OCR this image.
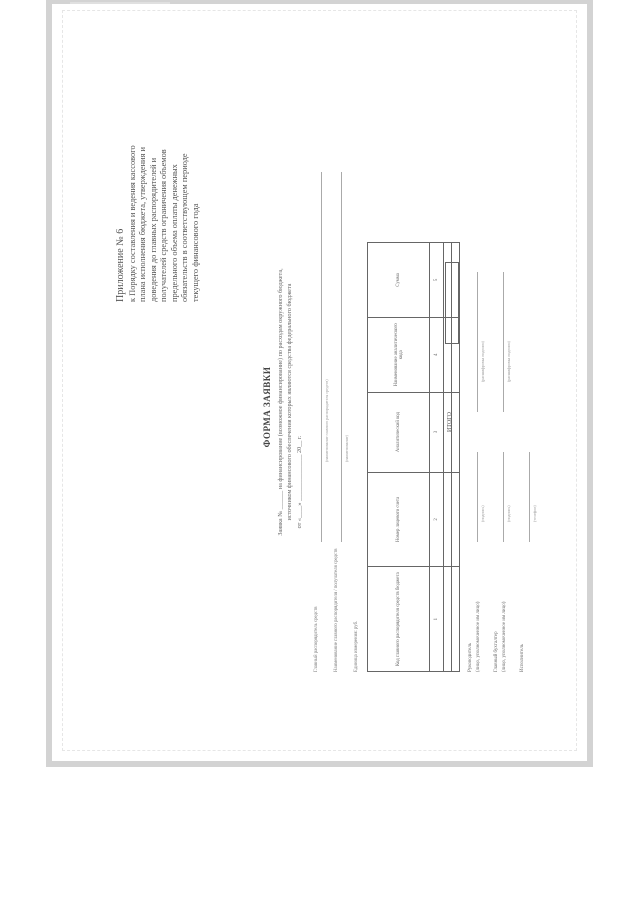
Приложение № 6 к Порядку составления и ведения кассового плана исполнения бюджета, утверждения и доведения до главных распорядителей и получателей средств ограничения объемов предельного объема оплаты денежных обязательств в соответствующем периоде текущего финансового года
ФОРМА ЗАЯВКИ Заявка № ______ на финансирование (возможное финансирование) по расходам окружного бюджета, источником финансового обеспечения которых являются средства федерального бюджета от «____» _______________ 20__ г.
Главный распорядитель средств
(наименование главного распорядителя средств)
Наименование главного распорядителя / получателя средств
(наименование)
Единица измерения: руб.	Код главного распорядителя средств бюджета	Номер лицевого счета	Аналитический код	Наименование аналитического кода	Сумма
1	2	3	4	5

ИТОГО
Руководитель (лицо, уполномоченное им лицо)
(подпись)
(расшифровка подписи)
Главный бухгалтер (лицо, уполномоченное им лицо)
(подпись)
(расшифровка подписи)
Исполнитель
(телефон)
